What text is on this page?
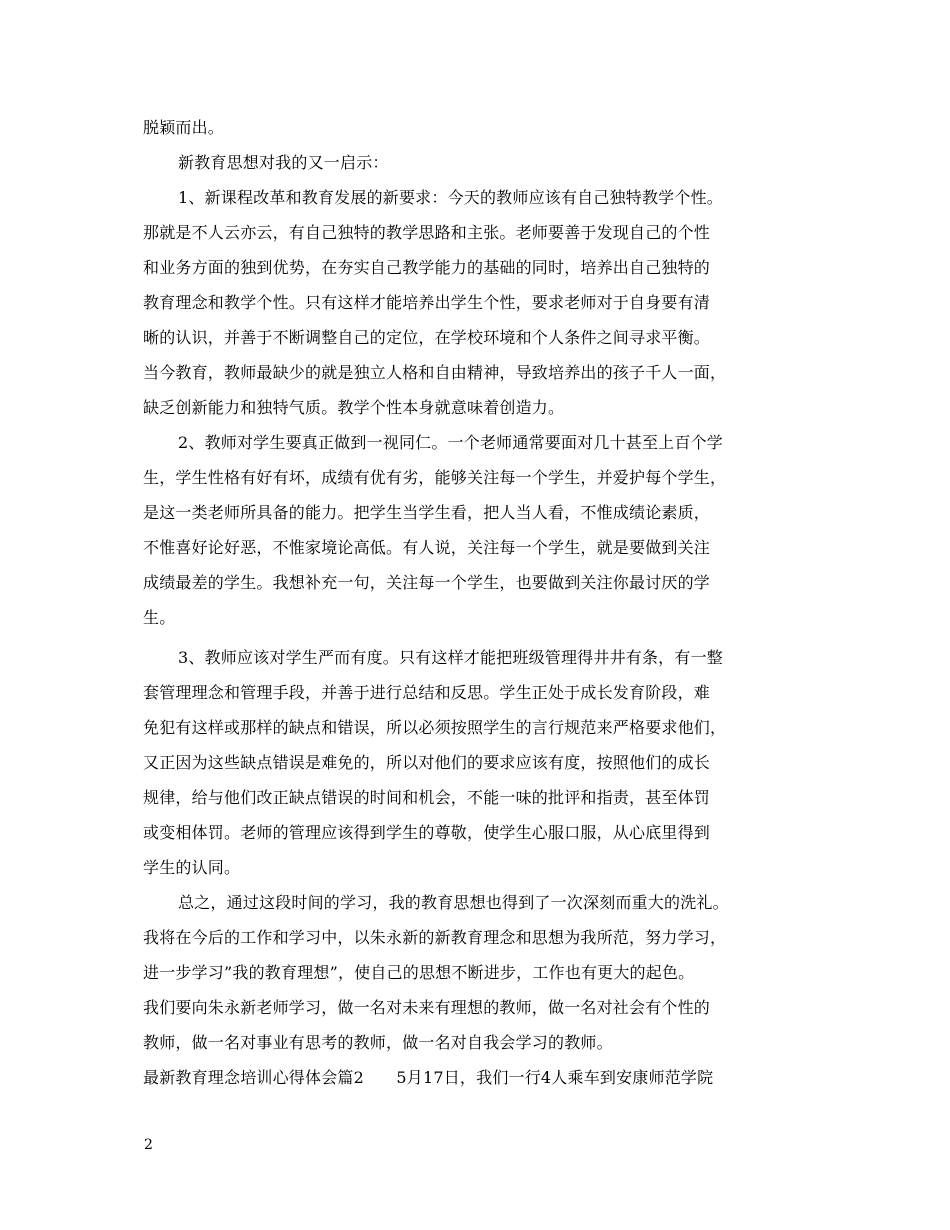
脱颖而出。
新教育思想对我的又一启示：
1、新课程改革和教育发展的新要求：今天的教师应该有自己独特教学个性。
那就是不人云亦云，有自己独特的教学思路和主张。老师要善于发现自己的个性
和业务方面的独到优势，在夯实自己教学能力的基础的同时，培养出自己独特的
教育理念和教学个性。只有这样才能培养出学生个性，要求老师对于自身要有清
晰的认识，并善于不断调整自己的定位，在学校环境和个人条件之间寻求平衡。
当今教育，教师最缺少的就是独立人格和自由精神，导致培养出的孩子千人一面，
缺乏创新能力和独特气质。教学个性本身就意味着创造力。
2、教师对学生要真正做到一视同仁。一个老师通常要面对几十甚至上百个学
生，学生性格有好有坏，成绩有优有劣，能够关注每一个学生，并爱护每个学生，
是这一类老师所具备的能力。把学生当学生看，把人当人看，不惟成绩论素质，
不惟喜好论好恶，不惟家境论高低。有人说，关注每一个学生，就是要做到关注
成绩最差的学生。我想补充一句，关注每一个学生，也要做到关注你最讨厌的学
生。
3、教师应该对学生严而有度。只有这样才能把班级管理得井井有条，有一整
套管理理念和管理手段，并善于进行总结和反思。学生正处于成长发育阶段，难
免犯有这样或那样的缺点和错误，所以必须按照学生的言行规范来严格要求他们，
又正因为这些缺点错误是难免的，所以对他们的要求应该有度，按照他们的成长
规律，给与他们改正缺点错误的时间和机会，不能一味的批评和指责，甚至体罚
或变相体罚。老师的管理应该得到学生的尊敬，使学生心服口服，从心底里得到
学生的认同。
总之，通过这段时间的学习，我的教育思想也得到了一次深刻而重大的洗礼。
我将在今后的工作和学习中，以朱永新的新教育理念和思想为我所范，努力学习，
进一步学习”我的教育理想”，使自己的思想不断进步，工作也有更大的起色。
我们要向朱永新老师学习，做一名对未来有理想的教师，做一名对社会有个性的
教师，做一名对事业有思考的教师，做一名对自我会学习的教师。
最新教育理念培训心得体会篇2　　5月17日，我们一行4人乘车到安康师范学院
2
